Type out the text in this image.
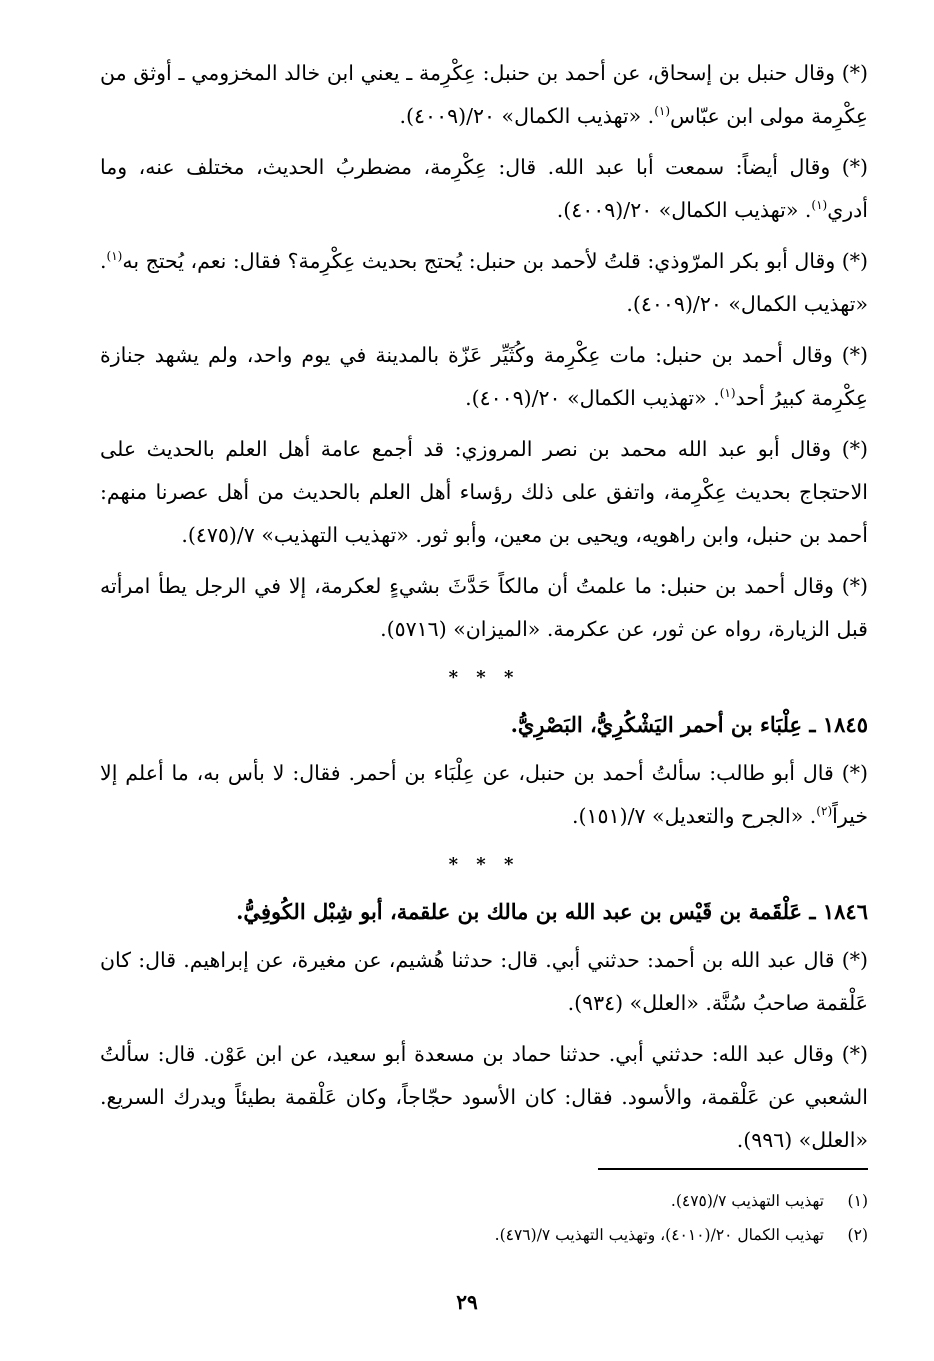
(*) وقال حنبل بن إسحاق، عن أحمد بن حنبل: عِكْرِمة ـ يعني ابن خالد المخزومي ـ أوثق من عِكْرِمة مولى ابن عبّاس$^{(١)}$. «تهذيب الكمال» ٢٠/(٤٠٠٩).

(*) وقال أيضاً: سمعت أبا عبد الله. قال: عِكْرِمة، مضطربُ الحديث، مختلف عنه، وما أدري$^{(١)}$. «تهذيب الكمال» ٢٠/(٤٠٠٩).

(*) وقال أبو بكر المرّوذي: قلتُ لأحمد بن حنبل: يُحتج بحديث عِكْرِمة؟ فقال: نعم، يُحتج به$^{(١)}$. «تهذيب الكمال» ٢٠/(٤٠٠٩).

(*) وقال أحمد بن حنبل: مات عِكْرِمة وكُثَيِّر عَزّة بالمدينة في يوم واحد، ولم يشهد جنازة عِكْرِمة كبيرُ أحد$^{(١)}$. «تهذيب الكمال» ٢٠/(٤٠٠٩).

(*) وقال أبو عبد الله محمد بن نصر المروزي: قد أجمع عامة أهل العلم بالحديث على الاحتجاج بحديث عِكْرِمة، واتفق على ذلك رؤساء أهل العلم بالحديث من أهل عصرنا منهم: أحمد بن حنبل، وابن راهويه، ويحيى بن معين، وأبو ثور. «تهذيب التهذيب» ٧/(٤٧٥).

(*) وقال أحمد بن حنبل: ما علمتُ أن مالكاً حَدَّثَ بشيءٍ لعكرمة، إلا في الرجل يطأ امرأته قبل الزيارة، رواه عن ثور، عن عكرمة. «الميزان» (٥٧١٦).

* * *

١٨٤٥ ـ عِلْبَاء بن أحمر اليَشْكُرِيُّ، البَصْرِيُّ.

(*) قال أبو طالب: سألتُ أحمد بن حنبل، عن عِلْبَاء بن أحمر. فقال: لا بأس به، ما أعلم إلا خيراً$^{(٢)}$. «الجرح والتعديل» ٧/(١٥١).

* * *

١٨٤٦ ـ عَلْقَمة بن قَيْس بن عبد الله بن مالك بن علقمة، أبو شِبْل الكُوفِيُّ.

(*) قال عبد الله بن أحمد: حدثني أبي. قال: حدثنا هُشيم، عن مغيرة، عن إبراهيم. قال: كان عَلْقمة صاحبُ سُنَّة. «العلل» (٩٣٤).

(*) وقال عبد الله: حدثني أبي. حدثنا حماد بن مسعدة أبو سعيد، عن ابن عَوْن. قال: سألتُ الشعبي عن عَلْقمة، والأسود. فقال: كان الأسود حجّاجاً، وكان عَلْقمة بطيئاً ويدرك السريع. «العلل» (٩٩٦).

(١)
تهذيب التهذيب ٧/(٤٧٥).
(٢)
تهذيب الكمال ٢٠/(٤٠١٠)، وتهذيب التهذيب ٧/(٤٧٦).
٢٩
